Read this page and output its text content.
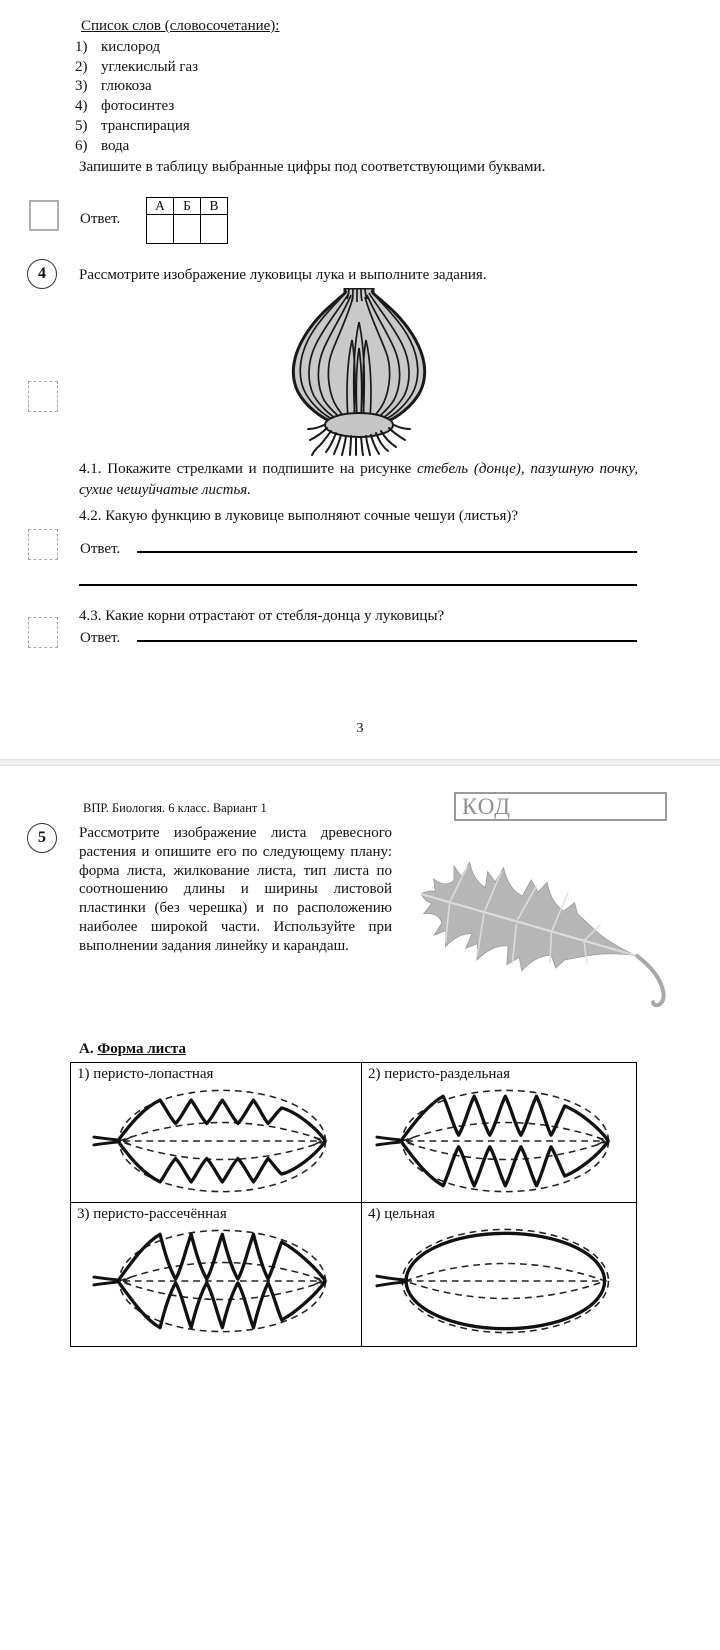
Список слов (словосочетание):
1) кислород
2) углекислый газ
3) глюкоза
4) фотосинтез
5) транспирация
6) вода
Запишите в таблицу выбранные цифры под соответствующими буквами.
Ответ.
А	Б	В

4 Рассмотрите изображение луковицы лука и выполните задания.
4.1. Покажите стрелками и подпишите на рисунке стебель (донце), пазушную почку, сухие чешуйчатые листья.
4.2. Какую функцию в луковице выполняют сочные чешуи (листья)?
Ответ.
4.3. Какие корни отрастают от стебля-донца у луковицы?
Ответ.
3
ВПР. Биология. 6 класс. Вариант 1	КОД
5 Рассмотрите изображение листа древесного растения и опишите его по следующему плану: форма листа, жилкование листа, тип листа по соотношению длины и ширины листовой пластинки (без черешка) и по расположению наиболее широкой части. Используйте при выполнении задания линейку и карандаш.
А. Форма листа
1) перисто-лопастная	2) перисто-раздельная
3) перисто-рассечённая	4) цельная
